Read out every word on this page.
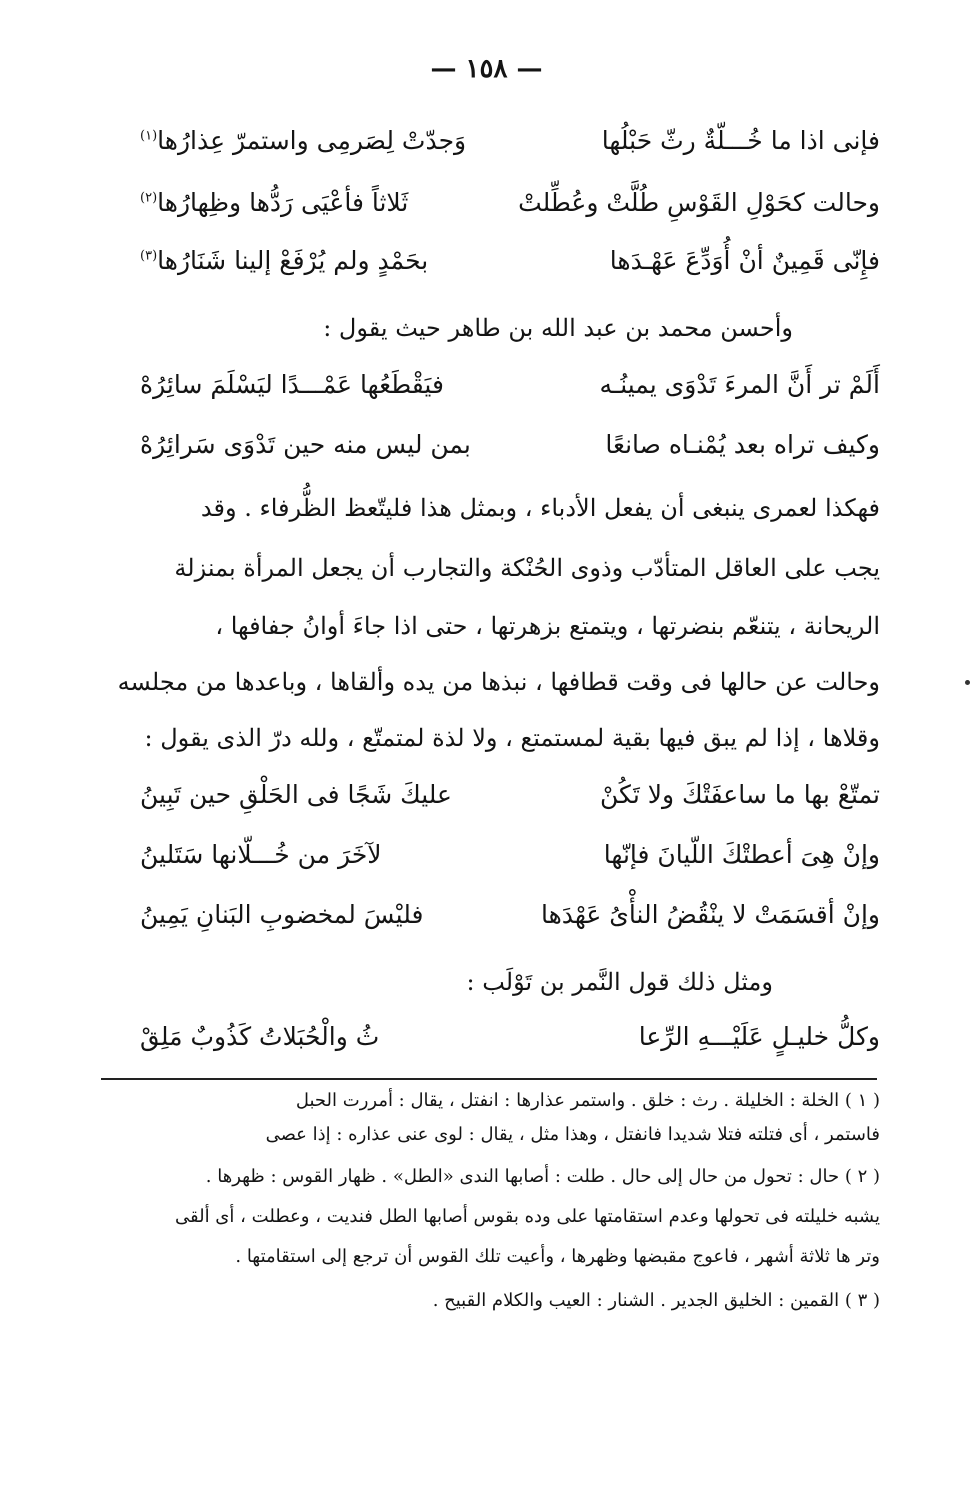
— ١٥٨ —
فإنى اذا ما خُـــلّةٌ رثّ حَبْلُها
وَجدّتْ لِصَرمِى واستمرّ عِذارُها$^{(١)}$
وحالت كحَوْلِ القَوْسِ طُلَّتْ وعُطِّلتْ
ثَلاثاً فأعْيَى رَدُّها وظِهارُها$^{(٢)}$
فإِنّى قَمِينٌ أنْ أُوَدِّعَ عَهْـدَها
بحَمْدٍ ولم يُرْفَعْ إلينا شَنَارُها$^{(٣)}$
وأحسن محمد بن عبد الله بن طاهر حيث يقول :
أَلَمْ تر أَنَّ المرءَ تَدْوَى يمينُـه
فيَقْطَعُها عَمْـــدًا ليَسْلَمَ سائِرُهْ
وكيف تراه بعد يُمْنـاه صانعًا
بمن ليس منه حين تَدْوَى سَرائِرُهْ
فهكذا لعمرى ينبغى أن يفعل الأدباء ، وبمثل هذا فليتّعظ الظُّرفاء . وقد
يجب على العاقل المتأدّب وذوى الحُنْكة والتجارب أن يجعل المرأة بمنزلة
الريحانة ، يتنعّم بنضرتها ، ويتمتع بزهرتها ، حتى اذا جاءَ أوانُ جفافها ،
وحالت عن حالها فى وقت قطافها ، نبذها من يده وألقاها ، وباعدها من مجلسه
وقلاها ، إذا لم يبق فيها بقية لمستمتع ، ولا لذة لمتمتّع ، ولله درّ الذى يقول :
تمتّعْ بها ما ساعفَتْكَ ولا تَكُنْ
عليكَ شَجًا فى الحَلْقِ حين تَبِينُ
وإنْ هِىَ أعطتْكَ اللّيانَ فإنّها
لآخَرَ من خُـــلّانها سَتَلينُ
وإنْ أقسَمَتْ لا ينْقُضُ النأْىُ عَهْدَها
فليْسَ لمخضوبِ البَنانِ يَمِينُ
ومثل ذلك قول النَّمر بن تَوْلَب :
وكلُّ خليـلٍ عَلَيْـــهِ الرِّعا
ثُ والْحُبَلاتُ كَذُوبٌ مَلِقْ
( ١ ) الخلة : الخليلة . رث : خلق . واستمر عذارها : انفتل ، يقال : أمررت الحبل
فاستمر ، أى فتلته فتلا شديدا فانفتل ، وهذا مثل ، يقال : لوى عنى عذاره : إذا عصى
( ٢ ) حال : تحول من حال إلى حال . طلت : أصابها الندى «الطل» . ظهار القوس : ظهرها .
يشبه خليلته فى تحولها وعدم استقامتها على وده بقوس أصابها الطل فنديت ، وعطلت ، أى ألقى
وتر ها ثلاثة أشهر ، فاعوج مقبضها وظهرها ، وأعيت تلك القوس أن ترجع إلى استقامتها .
( ٣ ) القمين : الخليق الجدير . الشنار : العيب والكلام القبيح .
